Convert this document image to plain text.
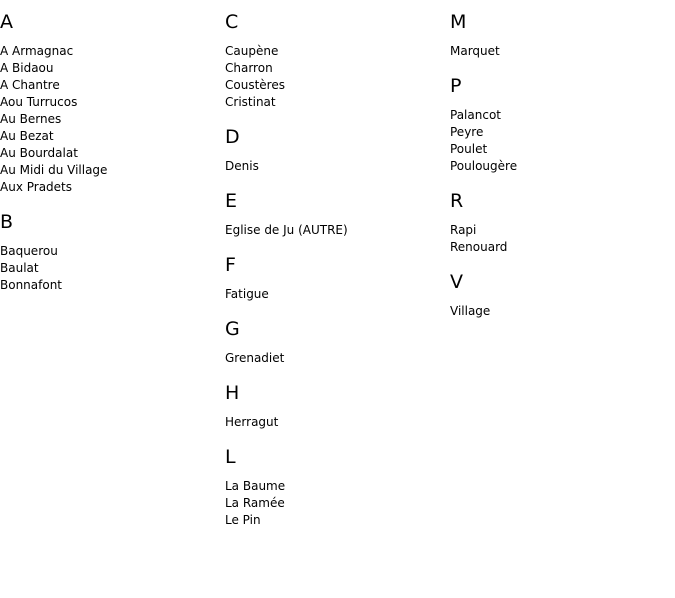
A
A Armagnac
A Bidaou
A Chantre
Aou Turrucos
Au Bernes
Au Bezat
Au Bourdalat
Au Midi du Village
Aux Pradets
B
Baquerou
Baulat
Bonnafont
C
Caupène
Charron
Coustères
Cristinat
D
Denis
E
Eglise de Ju (AUTRE)
F
Fatigue
G
Grenadiet
H
Herragut
L
La Baume
La Ramée
Le Pin
M
Marquet
P
Palancot
Peyre
Poulet
Poulougère
R
Rapi
Renouard
V
Village
